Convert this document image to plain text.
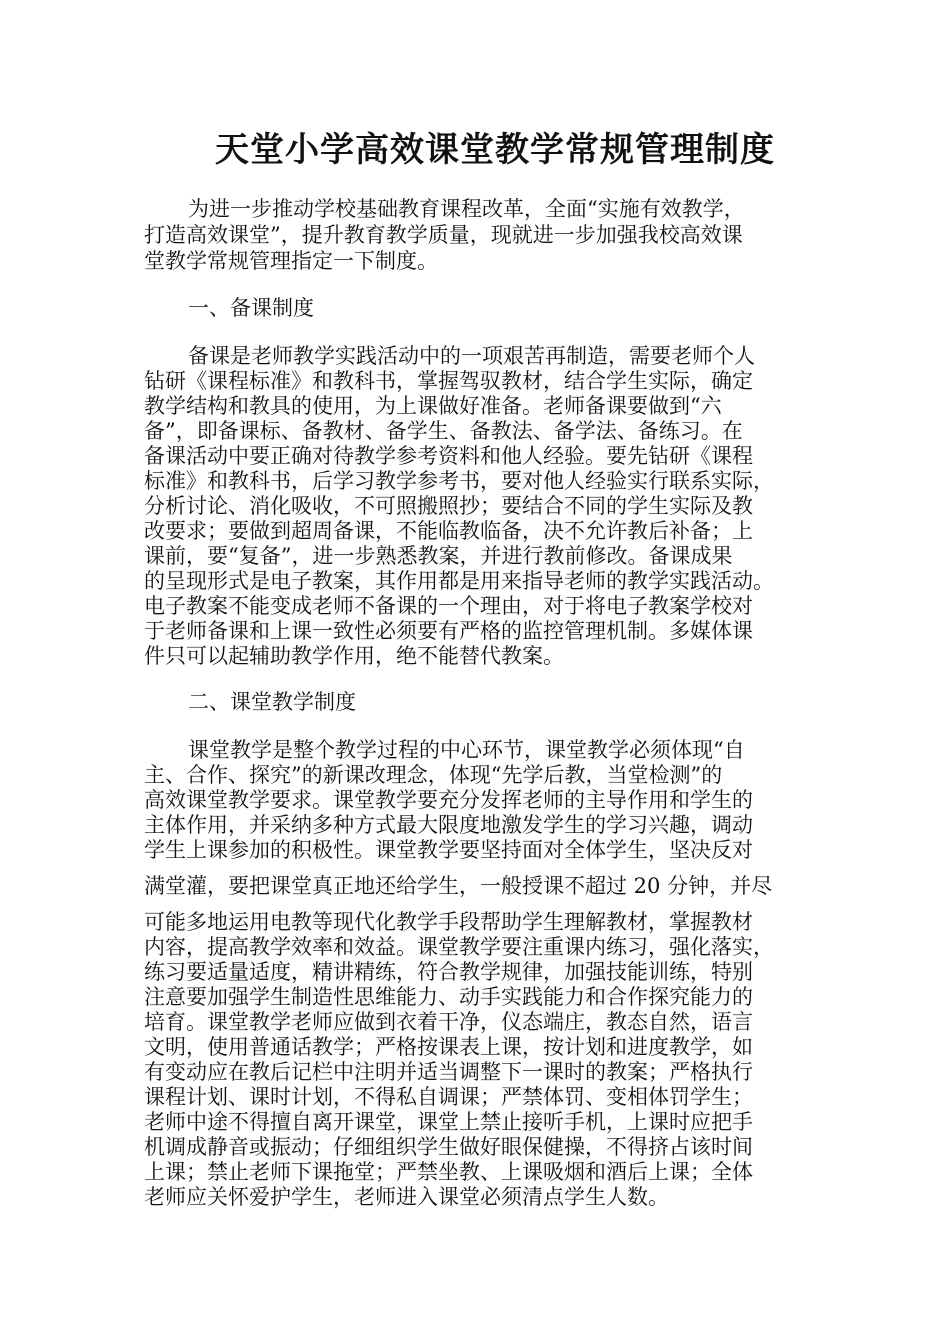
天堂小学高效课堂教学常规管理制度
为进一步推动学校基础教育课程改革，全面“实施有效教学，
打造高效课堂”，提升教育教学质量，现就进一步加强我校高效课
堂教学常规管理指定一下制度。
一、备课制度
备课是老师教学实践活动中的一项艰苦再制造，需要老师个人
钻研《课程标准》和教科书，掌握驾驭教材，结合学生实际，确定
教学结构和教具的使用，为上课做好准备。老师备课要做到“六
备”，即备课标、备教材、备学生、备教法、备学法、备练习。在
备课活动中要正确对待教学参考资料和他人经验。要先钻研《课程
标准》和教科书，后学习教学参考书，要对他人经验实行联系实际，
分析讨论、消化吸收，不可照搬照抄；要结合不同的学生实际及教
改要求；要做到超周备课，不能临教临备，决不允许教后补备；上
课前，要“复备”，进一步熟悉教案，并进行教前修改。备课成果
的呈现形式是电子教案，其作用都是用来指导老师的教学实践活动。
电子教案不能变成老师不备课的一个理由，对于将电子教案学校对
于老师备课和上课一致性必须要有严格的监控管理机制。多媒体课
件只可以起辅助教学作用，绝不能替代教案。
二、课堂教学制度
课堂教学是整个教学过程的中心环节，课堂教学必须体现“自
主、合作、探究”的新课改理念，体现“先学后教，当堂检测”的
高效课堂教学要求。课堂教学要充分发挥老师的主导作用和学生的
主体作用，并采纳多种方式最大限度地激发学生的学习兴趣，调动
学生上课参加的积极性。课堂教学要坚持面对全体学生，坚决反对
满堂灌，要把课堂真正地还给学生，一般授课不超过 20 分钟，并尽
可能多地运用电教等现代化教学手段帮助学生理解教材，掌握教材
内容，提高教学效率和效益。课堂教学要注重课内练习，强化落实，
练习要适量适度，精讲精练，符合教学规律，加强技能训练，特别
注意要加强学生制造性思维能力、动手实践能力和合作探究能力的
培育。课堂教学老师应做到衣着干净，仪态端庄，教态自然，语言
文明，使用普通话教学；严格按课表上课，按计划和进度教学，如
有变动应在教后记栏中注明并适当调整下一课时的教案；严格执行
课程计划、课时计划，不得私自调课；严禁体罚、变相体罚学生；
老师中途不得擅自离开课堂，课堂上禁止接听手机，上课时应把手
机调成静音或振动；仔细组织学生做好眼保健操，不得挤占该时间
上课；禁止老师下课拖堂；严禁坐教、上课吸烟和酒后上课；全体
老师应关怀爱护学生，老师进入课堂必须清点学生人数。
